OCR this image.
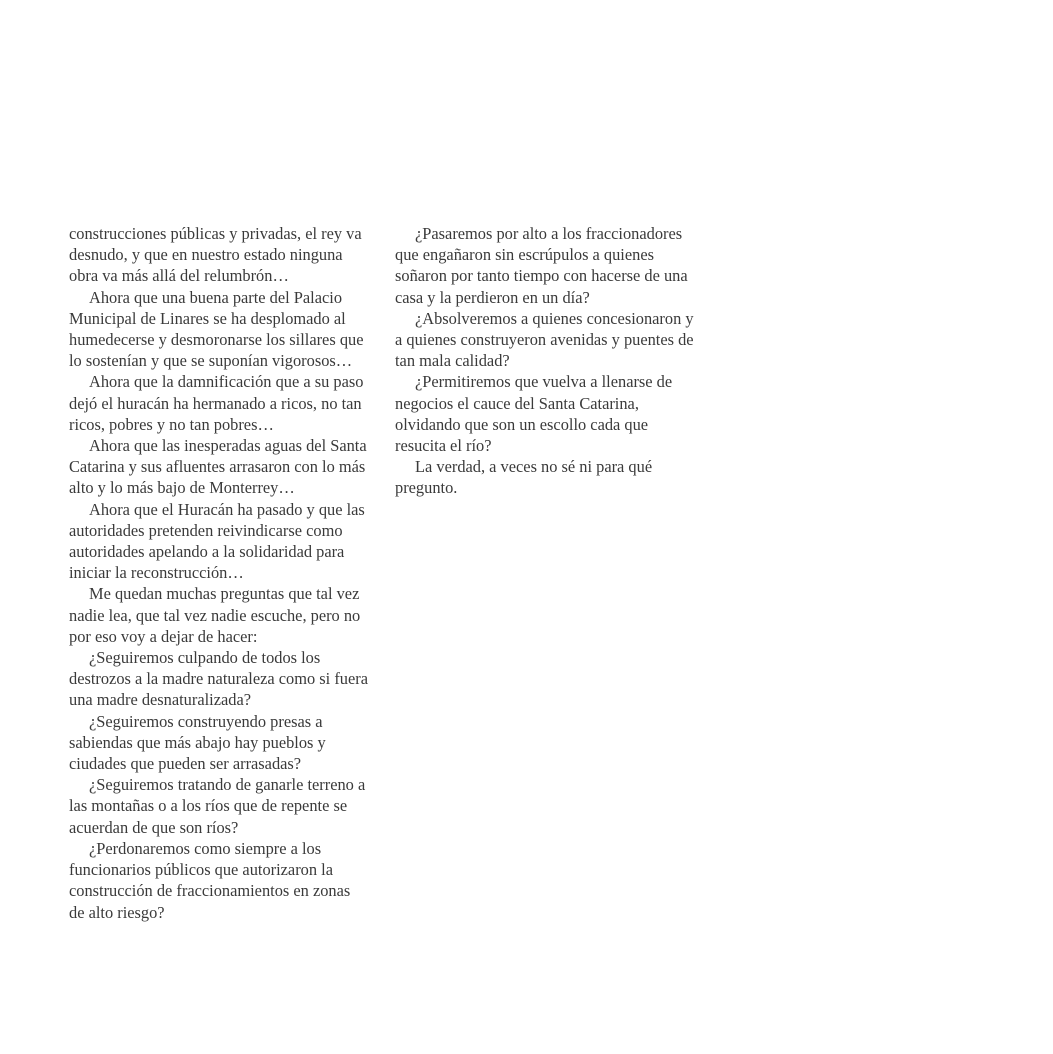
construcciones públicas y privadas, el rey va desnudo, y que en nuestro estado ninguna obra va más allá del relumbrón…

Ahora que una buena parte del Palacio Municipal de Linares se ha desplomado al humedecerse y desmoronarse los sillares que lo sostenían y que se suponían vigorosos…

Ahora que la damnificación que a su paso dejó el huracán ha hermanado a ricos, no tan ricos, pobres y no tan pobres…

Ahora que las inesperadas aguas del Santa Catarina y sus afluentes arrasaron con lo más alto y lo más bajo de Monterrey…

Ahora que el Huracán ha pasado y que las autoridades pretenden reivindicarse como autoridades apelando a la solidaridad para iniciar la reconstrucción…

Me quedan muchas preguntas que tal vez nadie lea, que tal vez nadie escuche, pero no por eso voy a dejar de hacer:

¿Seguiremos culpando de todos los destrozos a la madre naturaleza como si fuera una madre desnaturalizada?

¿Seguiremos construyendo presas a sabiendas que más abajo hay pueblos y ciudades que pueden ser arrasadas?

¿Seguiremos tratando de ganarle terreno a las montañas o a los ríos que de repente se acuerdan de que son ríos?

¿Perdonaremos como siempre a los funcionarios públicos que autorizaron la construcción de fraccionamientos en zonas de alto riesgo?

¿Pasaremos por alto a los fraccionadores que engañaron sin escrúpulos a quienes soñaron por tanto tiempo con hacerse de una casa y la perdieron en un día?

¿Absolveremos a quienes concesionaron y a quienes construyeron avenidas y puentes de tan mala calidad?

¿Permitiremos que vuelva a llenarse de negocios el cauce del Santa Catarina, olvidando que son un escollo cada que resucita el río?

La verdad, a veces no sé ni para qué pregunto.
